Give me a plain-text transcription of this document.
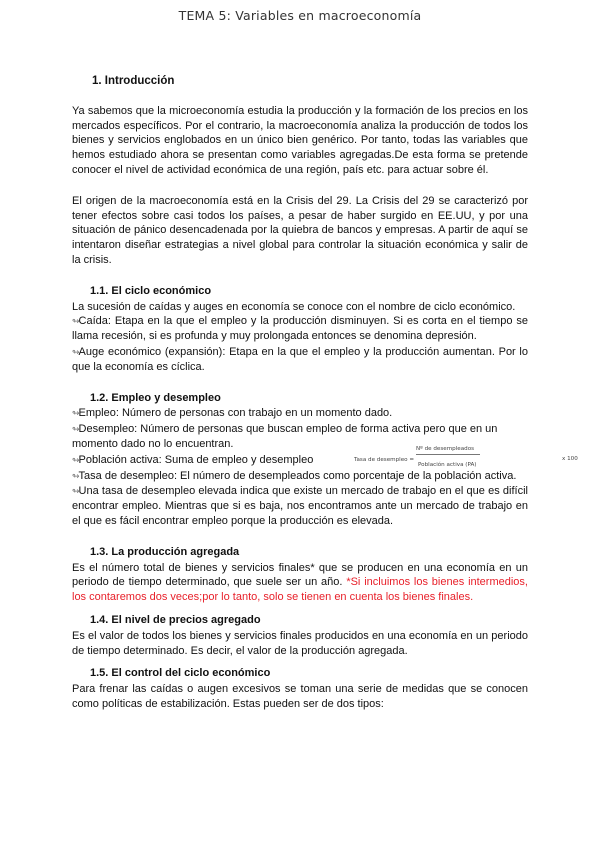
TEMA 5: Variables en macroeconomía
1. Introducción

Ya sabemos que la microeconomía estudia la producción y la formación de los precios en los mercados específicos. Por el contrario, la macroeconomía analiza la producción de todos los bienes y servicios englobados en un único bien genérico. Por tanto, todas las variables que hemos estudiado ahora se presentan como variables agregadas.De esta forma se pretende conocer el nivel de actividad económica de una región, país etc. para actuar sobre él.

El origen de la macroeconomía está en la Crisis del 29. La Crisis del 29 se caracterizó por tener efectos sobre casi todos los países, a pesar de haber surgido en EE.UU, y por una situación de pánico desencadenada por la quiebra de bancos y empresas. A partir de aquí se intentaron diseñar estrategias a nivel global para controlar la situación económica y salir de la crisis.

1.1. El ciclo económico

La sucesión de caídas y auges en economía se conoce con el nombre de ciclo económico.

↬Caída: Etapa en la que el empleo y la producción disminuyen. Si es corta en el tiempo se llama recesión, si es profunda y muy prolongada entonces se denomina depresión.

↬Auge económico (expansión): Etapa en la que el empleo y la producción aumentan. Por lo que la economía es cíclica.

1.2. Empleo y desempleo

↬Empleo: Número de personas con trabajo en un momento dado.

↬Desempleo: Número de personas que buscan empleo de forma activa pero que en un momento dado no lo encuentran.

↬Población activa: Suma de empleo y desempleo

↬Tasa de desempleo: El número de desempleados como porcentaje de la población activa.

↬Una tasa de desempleo elevada indica que existe un mercado de trabajo en el que es difícil encontrar empleo. Mientras que si es baja, nos encontramos ante un mercado de trabajo en el que es fácil encontrar empleo porque la producción es elevada.

1.3. La producción agregada

Es el número total de bienes y servicios finales* que se producen en una economía en un periodo de tiempo determinado, que suele ser un año. *Si incluimos los bienes intermedios, los contaremos dos veces;por lo tanto, solo se tienen en cuenta los bienes finales.

1.4. El nivel de precios agregado

Es el valor de todos los bienes y servicios finales producidos en una economía en un periodo de tiempo determinado. Es decir, el valor de la producción agregada.

1.5. El control del ciclo económico

Para frenar las caídas o augen excesivos se toman una serie de medidas que se conocen como políticas de estabilización. Estas pueden ser de dos tipos:

Tasa de desempleo =
Nº de desempleados
Población activa (PA)
x 100
